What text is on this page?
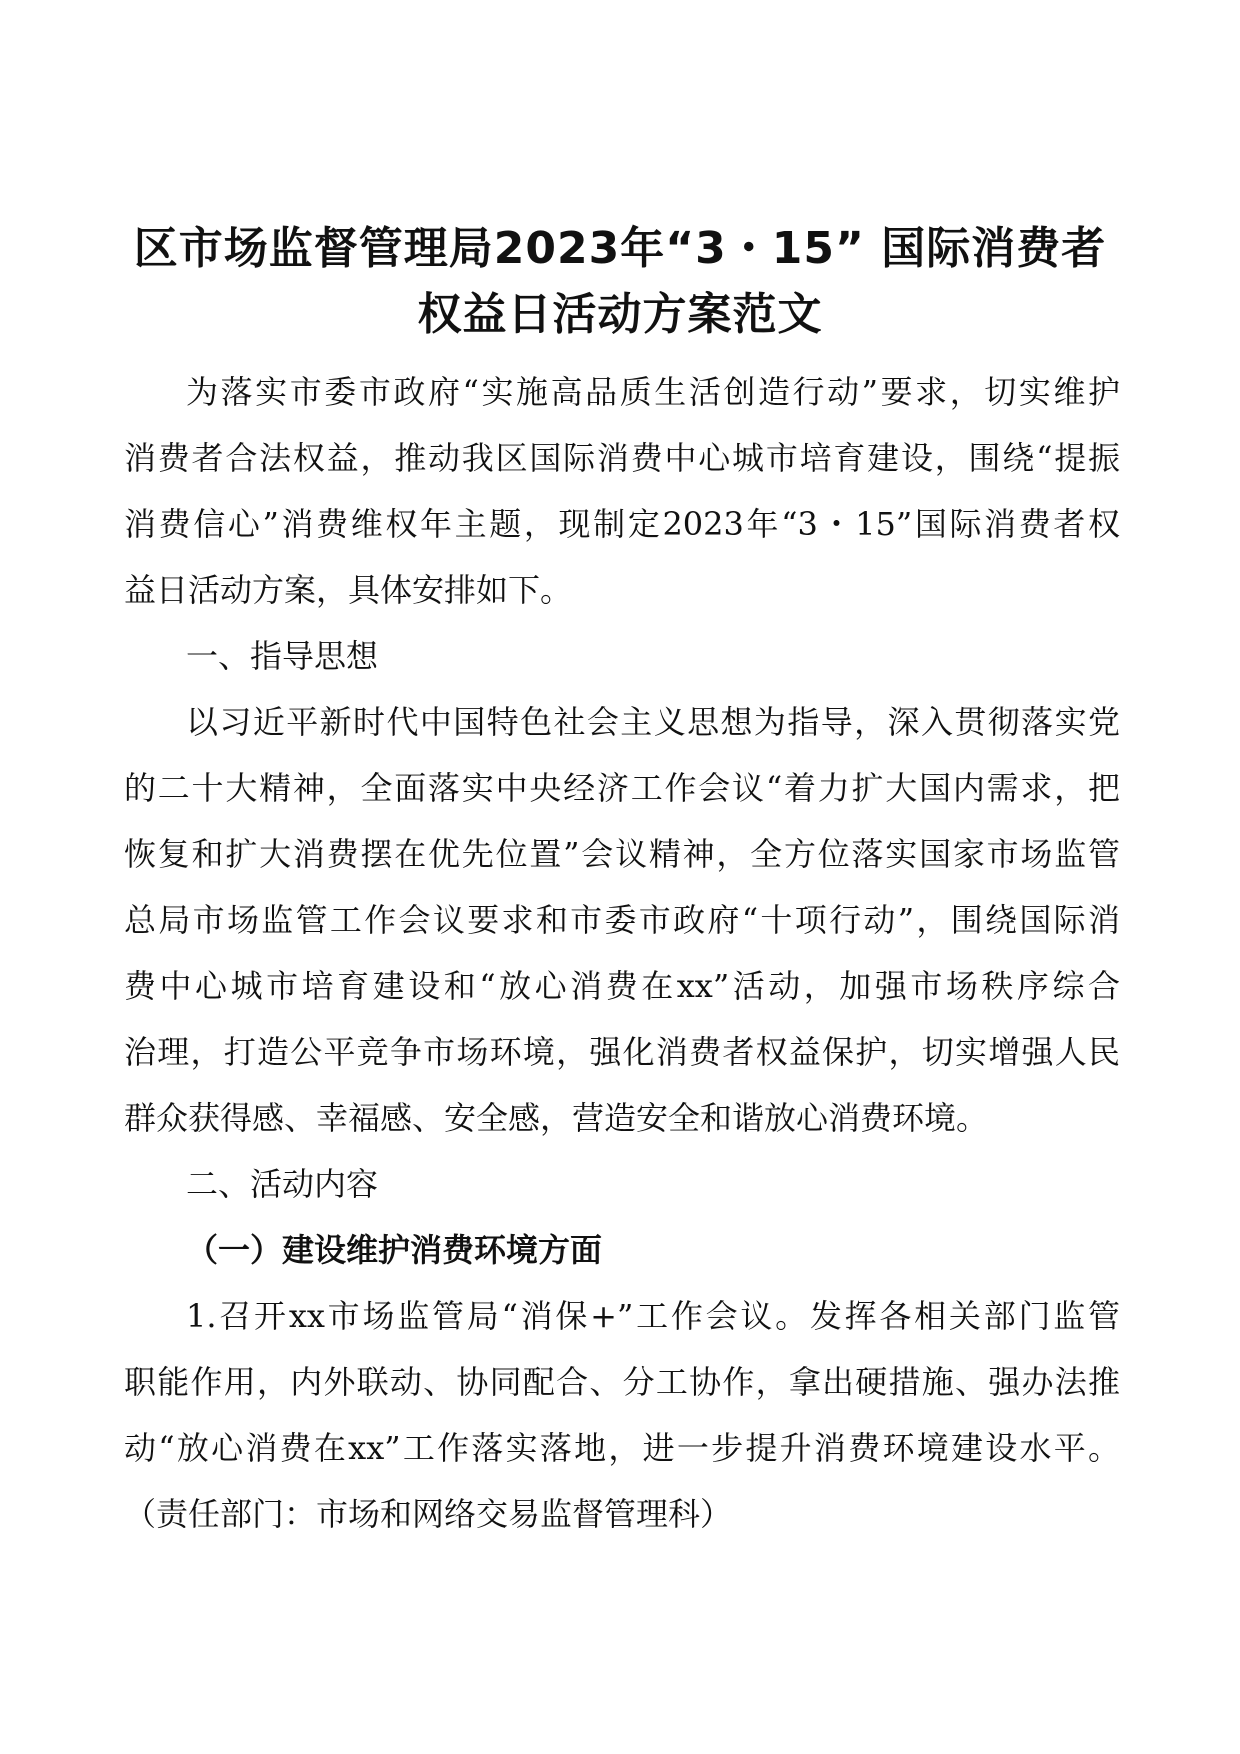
区市场监督管理局2023年“3・15” 国际消费者
权益日活动方案范文
为落实市委市政府“实施高品质生活创造行动”要求，切实维护
消费者合法权益，推动我区国际消费中心城市培育建设，围绕“提振
消费信心”消费维权年主题，现制定2023年“3・15”国际消费者权
益日活动方案，具体安排如下。
一、指导思想
以习近平新时代中国特色社会主义思想为指导，深入贯彻落实党
的二十大精神，全面落实中央经济工作会议“着力扩大国内需求，把
恢复和扩大消费摆在优先位置”会议精神，全方位落实国家市场监管
总局市场监管工作会议要求和市委市政府“十项行动”，围绕国际消
费中心城市培育建设和“放心消费在xx”活动，加强市场秩序综合
治理，打造公平竞争市场环境，强化消费者权益保护，切实增强人民
群众获得感、幸福感、安全感，营造安全和谐放心消费环境。
二、活动内容
（一）建设维护消费环境方面
1.召开xx市场监管局“消保+”工作会议。发挥各相关部门监管
职能作用，内外联动、协同配合、分工协作，拿出硬措施、强办法推
动“放心消费在xx”工作落实落地，进一步提升消费环境建设水平。
（责任部门：市场和网络交易监督管理科）
